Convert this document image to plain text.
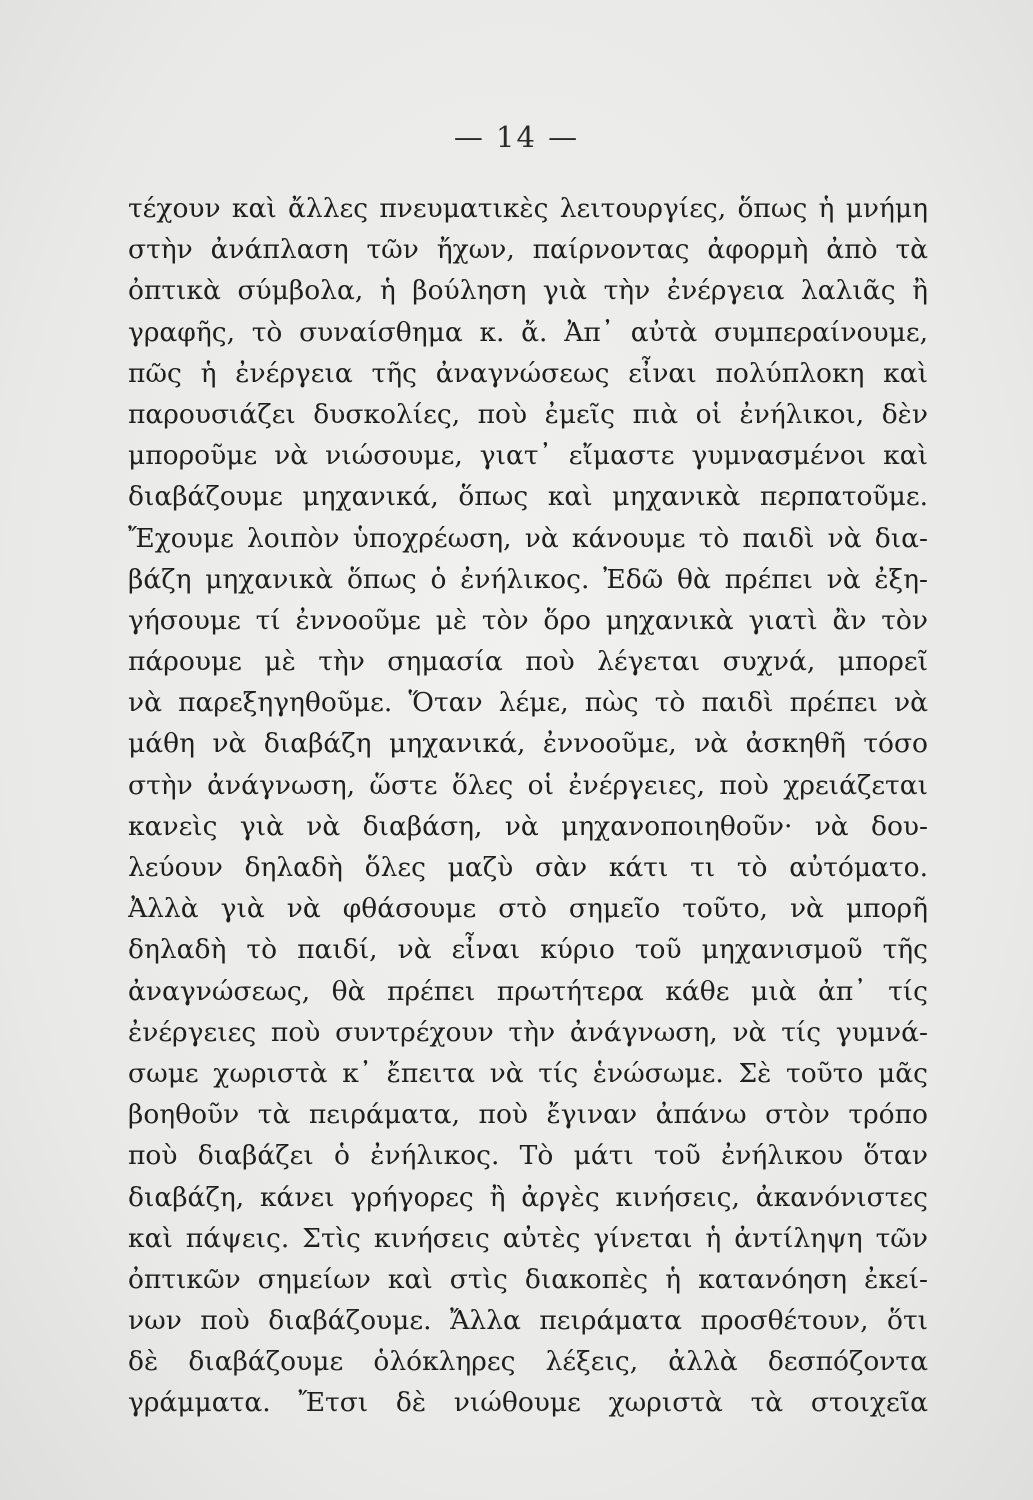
— 14 —
τέχουν καὶ ἄλλες πνευματικὲς λειτουργίες, ὅπως ἡ μνήμη
στὴν ἀνάπλαση τῶν ἤχων, παίρνοντας ἀφορμὴ ἀπὸ τὰ
ὀπτικὰ σύμβολα, ἡ βούληση γιὰ τὴν ἐνέργεια λαλιᾶς ἢ
γραφῆς, τὸ συναίσθημα κ. ἄ. Ἀπ᾽ αὐτὰ συμπεραίνουμε,
πῶς ἡ ἐνέργεια τῆς ἀναγνώσεως εἶναι πολύπλοκη καὶ
παρουσιάζει δυσκολίες, ποὺ ἐμεῖς πιὰ οἱ ἐνήλικοι, δὲν
μποροῦμε νὰ νιώσουμε, γιατ᾽ εἴμαστε γυμνασμένοι καὶ
διαβάζουμε μηχανικά, ὅπως καὶ μηχανικὰ περπατοῦμε.
Ἔχουμε λοιπὸν ὑποχρέωση, νὰ κάνουμε τὸ παιδὶ νὰ δια-
βάζη μηχανικὰ ὅπως ὁ ἐνήλικος. Ἐδῶ θὰ πρέπει νὰ ἐξη-
γήσουμε τί ἐννοοῦμε μὲ τὸν ὅρο μηχανικὰ γιατὶ ἂν τὸν
πάρουμε μὲ τὴν σημασία ποὺ λέγεται συχνά, μπορεῖ
νὰ παρεξηγηθοῦμε. Ὅταν λέμε, πὼς τὸ παιδὶ πρέπει νὰ
μάθη νὰ διαβάζη μηχανικά, ἐννοοῦμε, νὰ ἀσκηθῆ τόσο
στὴν ἀνάγνωση, ὥστε ὅλες οἱ ἐνέργειες, ποὺ χρειάζεται
κανεὶς γιὰ νὰ διαβάση, νὰ μηχανοποιηθοῦν· νὰ δου-
λεύουν δηλαδὴ ὅλες μαζὺ σὰν κάτι τι τὸ αὐτόματο.
Ἀλλὰ γιὰ νὰ φθάσουμε στὸ σημεῖο τοῦτο, νὰ μπορῆ
δηλαδὴ τὸ παιδί, νὰ εἶναι κύριο τοῦ μηχανισμοῦ τῆς
ἀναγνώσεως, θὰ πρέπει πρωτήτερα κάθε μιὰ ἀπ᾽ τίς
ἐνέργειες ποὺ συντρέχουν τὴν ἀνάγνωση, νὰ τίς γυμνά-
σωμε χωριστὰ κ᾽ ἔπειτα νὰ τίς ἑνώσωμε. Σὲ τοῦτο μᾶς
βοηθοῦν τὰ πειράματα, ποὺ ἔγιναν ἀπάνω στὸν τρόπο
ποὺ διαβάζει ὁ ἐνήλικος. Τὸ μάτι τοῦ ἐνήλικου ὅταν
διαβάζη, κάνει γρήγορες ἢ ἀργὲς κινήσεις, ἀκανόνιστες
καὶ πάψεις. Στὶς κινήσεις αὐτὲς γίνεται ἡ ἀντίληψη τῶν
ὀπτικῶν σημείων καὶ στὶς διακοπὲς ἡ κατανόηση ἐκεί-
νων ποὺ διαβάζουμε. Ἄλλα πειράματα προσθέτουν, ὅτι
δὲ διαβάζουμε ὁλόκληρες λέξεις, ἀλλὰ δεσπόζοντα
γράμματα. Ἔτσι δὲ νιώθουμε χωριστὰ τὰ στοιχεῖα
